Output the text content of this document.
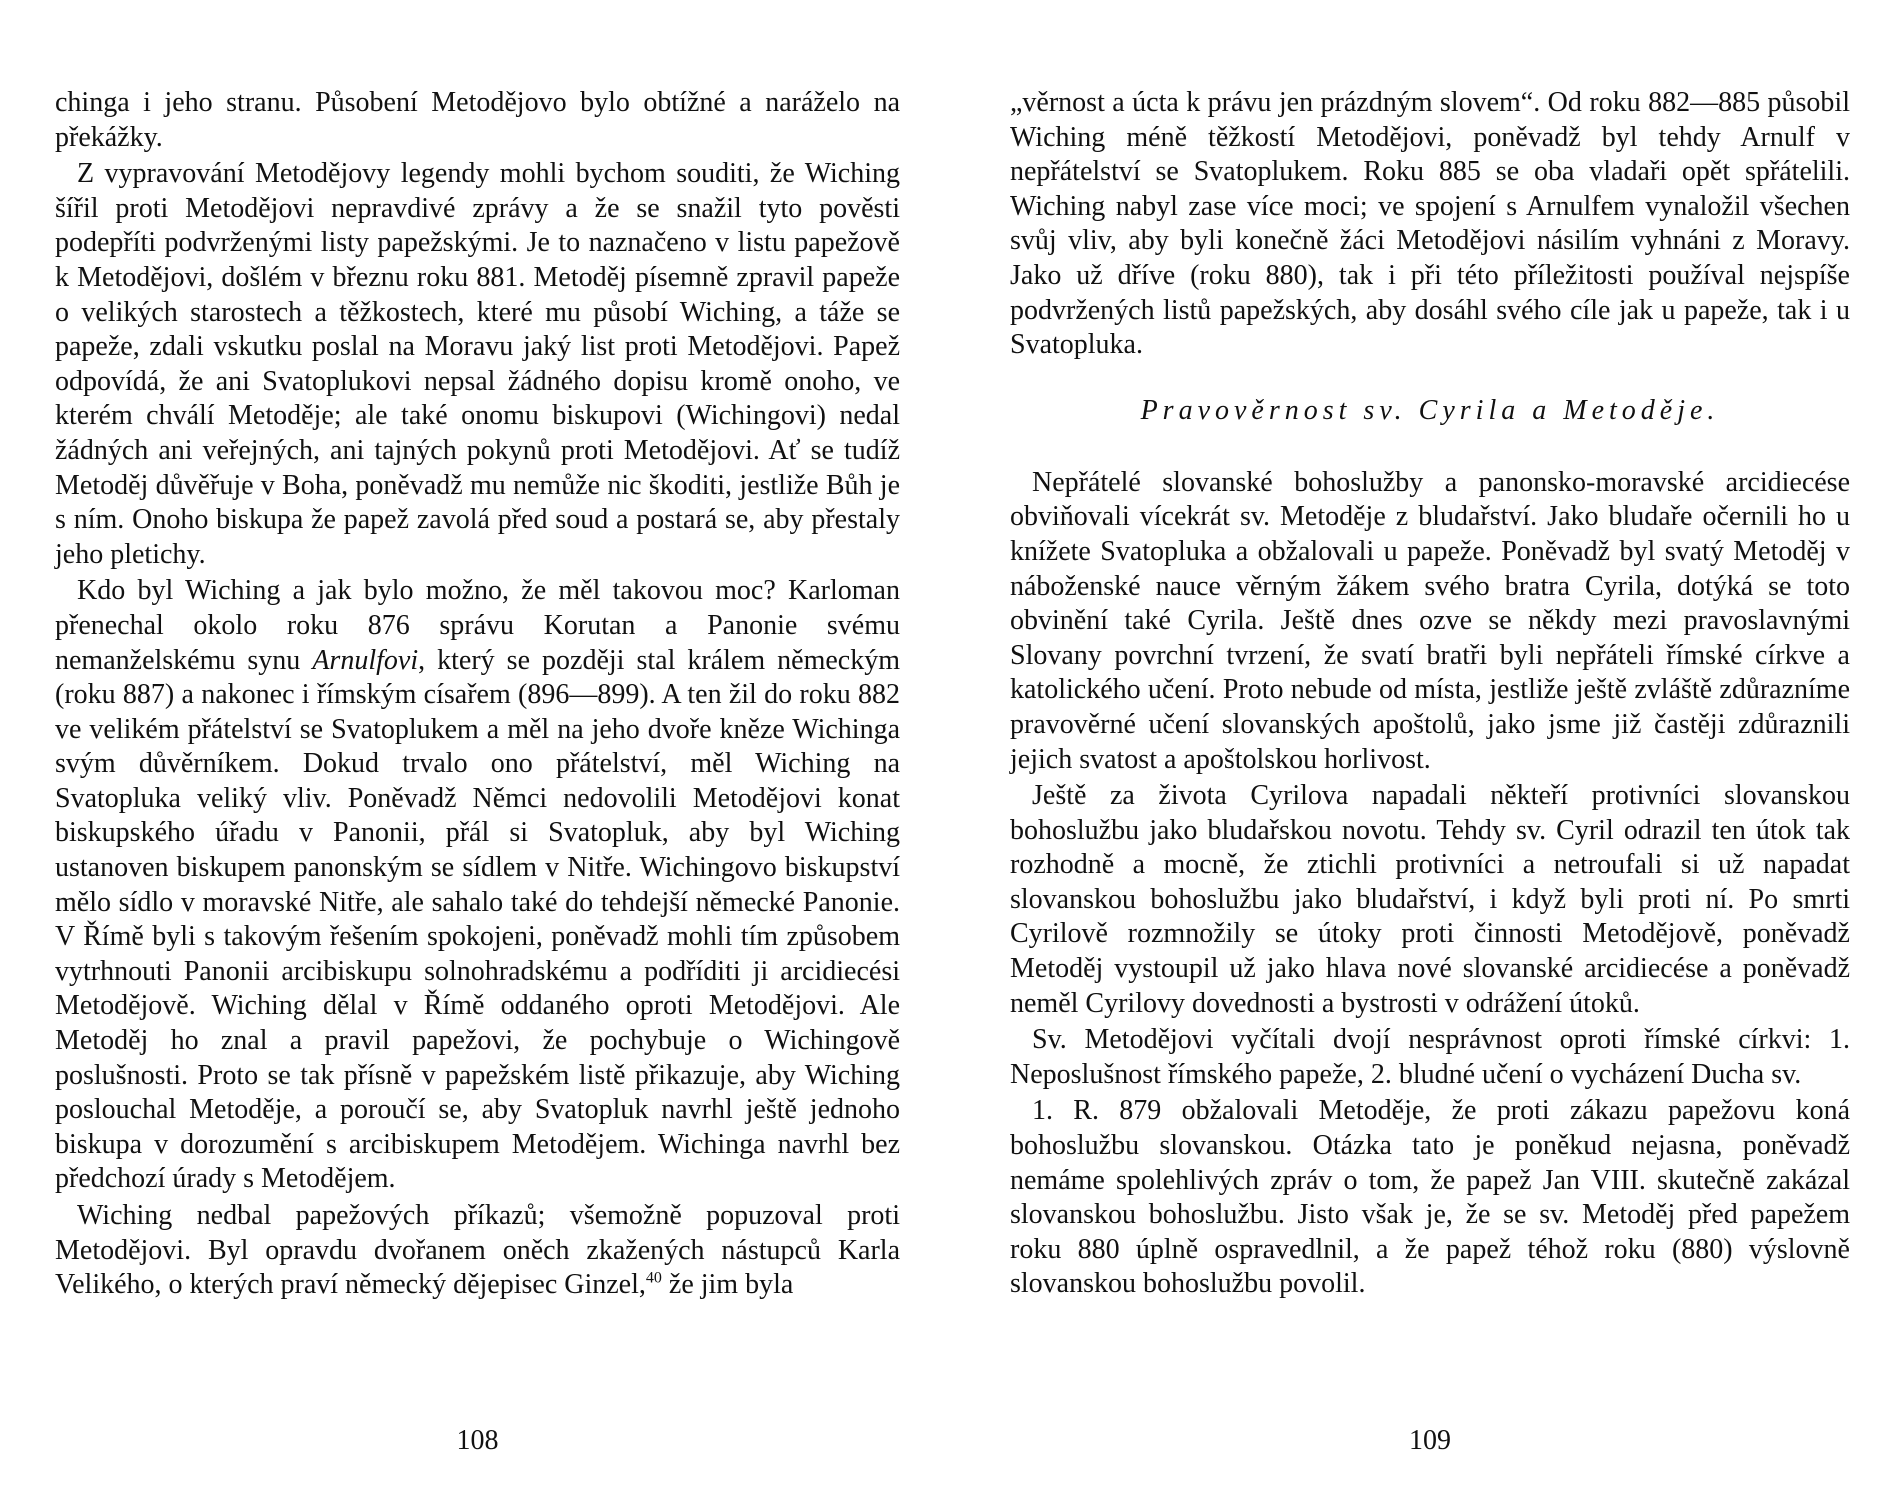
chinga i jeho stranu. Působení Metodějovo bylo obtížné a naráželo na překážky.

Z vypravování Metodějovy legendy mohli bychom souditi, že Wiching šířil proti Metodějovi nepravdivé zprávy a že se snažil tyto pověsti podepříti podvrženými listy papežskými. Je to naznačeno v listu papežově k Metodějovi, došlém v březnu roku 881. Metoděj písemně zpravil papeže o velikých starostech a těžkostech, které mu působí Wiching, a táže se papeže, zdali vskutku poslal na Moravu jaký list proti Metodějovi. Papež odpovídá, že ani Svatoplukovi nepsal žádného dopisu kromě onoho, ve kterém chválí Metoděje; ale také onomu biskupovi (Wichingovi) nedal žádných ani veřejných, ani tajných pokynů proti Metodějovi. Ať se tudíž Metoděj důvěřuje v Boha, poněvadž mu nemůže nic škoditi, jestliže Bůh je s ním. Onoho biskupa že papež zavolá před soud a postará se, aby přestaly jeho pletichy.

Kdo byl Wiching a jak bylo možno, že měl takovou moc? Karloman přenechal okolo roku 876 správu Korutan a Panonie svému nemanželskému synu Arnulfovi, který se později stal králem německým (roku 887) a nakonec i římským císařem (896—899). A ten žil do roku 882 ve velikém přátelství se Svatoplukem a měl na jeho dvoře kněze Wichinga svým důvěrníkem. Dokud trvalo ono přátelství, měl Wiching na Svatopluka veliký vliv. Poněvadž Němci nedovolili Metodějovi konat biskupského úřadu v Panonii, přál si Svatopluk, aby byl Wiching ustanoven biskupem panonským se sídlem v Nitře. Wichingovo biskupství mělo sídlo v moravské Nitře, ale sahalo také do tehdejší německé Panonie. V Římě byli s takovým řešením spokojeni, poněvadž mohli tím způsobem vytrhnouti Panonii arcibiskupu solnohradskému a podříditi ji arcidiecési Metodějově. Wiching dělal v Římě oddaného oproti Metodějovi. Ale Metoděj ho znal a pravil papežovi, že pochybuje o Wichingově poslušnosti. Proto se tak přísně v papežském listě přikazuje, aby Wiching poslouchal Metoděje, a poroučí se, aby Svatopluk navrhl ještě jednoho biskupa v dorozumění s arcibiskupem Metodějem. Wichinga navrhl bez předchozí úrady s Metodějem.

Wiching nedbal papežových příkazů; všemožně popuzoval proti Metodějovi. Byl opravdu dvořanem oněch zkažených nástupců Karla Velikého, o kterých praví německý dějepisec Ginzel,$^{40}$ že jim byla

108

„věrnost a úcta k právu jen prázdným slovem“. Od roku 882—885 působil Wiching méně těžkostí Metodějovi, poněvadž byl tehdy Arnulf v nepřátelství se Svatoplukem. Roku 885 se oba vladaři opět spřátelili. Wiching nabyl zase více moci; ve spojení s Arnulfem vynaložil všechen svůj vliv, aby byli konečně žáci Metodějovi násilím vyhnáni z Moravy. Jako už dříve (roku 880), tak i při této příležitosti používal nejspíše podvržených listů papežských, aby dosáhl svého cíle jak u papeže, tak i u Svatopluka.

Pravověrnost sv. Cyrila a Metoděje.

Nepřátelé slovanské bohoslužby a panonsko-moravské arcidiecése obviňovali vícekrát sv. Metoděje z bludařství. Jako bludaře očernili ho u knížete Svatopluka a obžalovali u papeže. Poněvadž byl svatý Metoděj v náboženské nauce věrným žákem svého bratra Cyrila, dotýká se toto obvinění také Cyrila. Ještě dnes ozve se někdy mezi pravoslavnými Slovany povrchní tvrzení, že svatí bratři byli nepřáteli římské církve a katolického učení. Proto nebude od místa, jestliže ještě zvláště zdůrazníme pravověrné učení slovanských apoštolů, jako jsme již častěji zdůraznili jejich svatost a apoštolskou horlivost.

Ještě za života Cyrilova napadali někteří protivníci slovanskou bohoslužbu jako bludařskou novotu. Tehdy sv. Cyril odrazil ten útok tak rozhodně a mocně, že ztichli protivníci a netroufali si už napadat slovanskou bohoslužbu jako bludařství, i když byli proti ní. Po smrti Cyrilově rozmnožily se útoky proti činnosti Metodějově, poněvadž Metoděj vystoupil už jako hlava nové slovanské arcidiecése a poněvadž neměl Cyrilovy dovednosti a bystrosti v odrážení útoků.

Sv. Metodějovi vyčítali dvojí nesprávnost oproti římské církvi: 1. Neposlušnost římského papeže, 2. bludné učení o vycházení Ducha sv.

1. R. 879 obžalovali Metoděje, že proti zákazu papežovu koná bohoslužbu slovanskou. Otázka tato je poněkud nejasna, poněvadž nemáme spolehlivých zpráv o tom, že papež Jan VIII. skutečně zakázal slovanskou bohoslužbu. Jisto však je, že se sv. Metoděj před papežem roku 880 úplně ospravedlnil, a že papež téhož roku (880) výslovně slovanskou bohoslužbu povolil.

109
